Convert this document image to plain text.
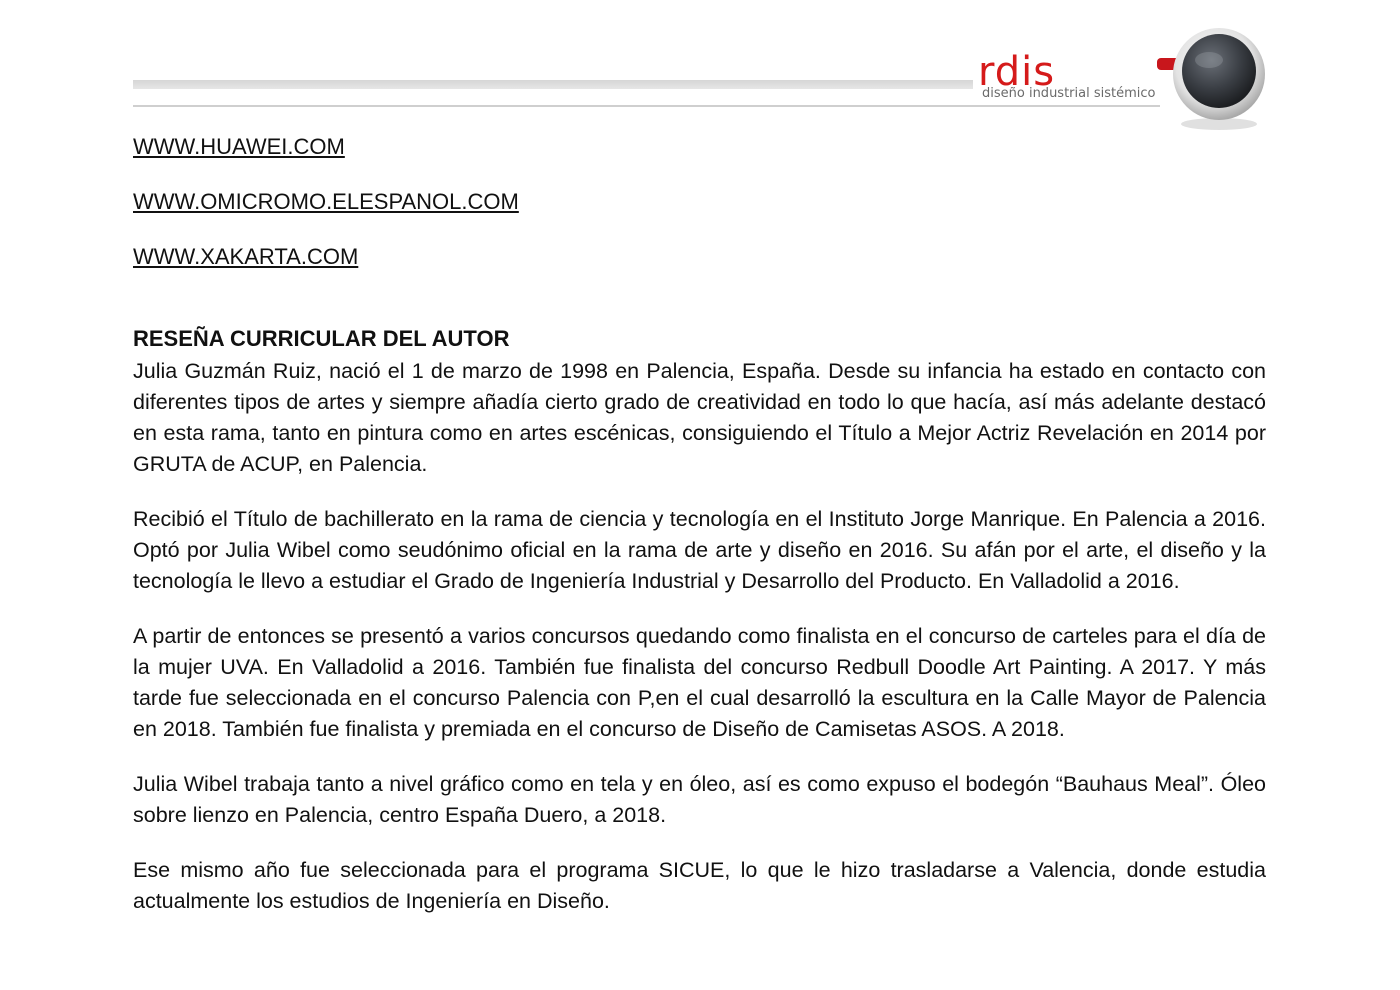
rdis
diseño industrial sistémico
WWW.HUAWEI.COM
WWW.OMICROMO.ELESPANOL.COM
WWW.XAKARTA.COM
RESEÑA CURRICULAR DEL AUTOR

Julia Guzmán Ruiz, nació el 1 de marzo de 1998 en Palencia, España. Desde su infancia ha estado en contacto con diferentes tipos de artes y siempre añadía cierto grado de creatividad en todo lo que hacía, así más adelante destacó en esta rama, tanto en pintura como en artes escénicas, consiguiendo el Título a Mejor Actriz Revelación en 2014 por GRUTA de ACUP, en Palencia.

Recibió el Título de bachillerato en la rama de ciencia y tecnología en el Instituto Jorge Manrique. En Palencia a 2016. Optó por Julia Wibel como seudónimo oficial en la rama de arte y diseño en 2016. Su afán por el arte, el diseño y la tecnología le llevo a estudiar el Grado de Ingeniería Industrial y Desarrollo del Producto. En Valladolid a 2016.

A partir de entonces se presentó a varios concursos quedando como finalista en el concurso de carteles para el día de la mujer UVA. En Valladolid a 2016. También fue finalista del concurso Redbull Doodle Art Painting. A 2017. Y más tarde fue seleccionada en el concurso Palencia con P,en el cual desarrolló la escultura en la Calle Mayor de Palencia en 2018. También fue finalista y premiada en el concurso de Diseño de Camisetas ASOS. A 2018.

Julia Wibel trabaja tanto a nivel gráfico como en tela y en óleo, así es como expuso el bodegón “Bauhaus Meal”. Óleo sobre lienzo en Palencia, centro España Duero, a 2018.

Ese mismo año fue seleccionada para el programa SICUE, lo que le hizo trasladarse a Valencia, donde estudia actualmente los estudios de Ingeniería en Diseño.
